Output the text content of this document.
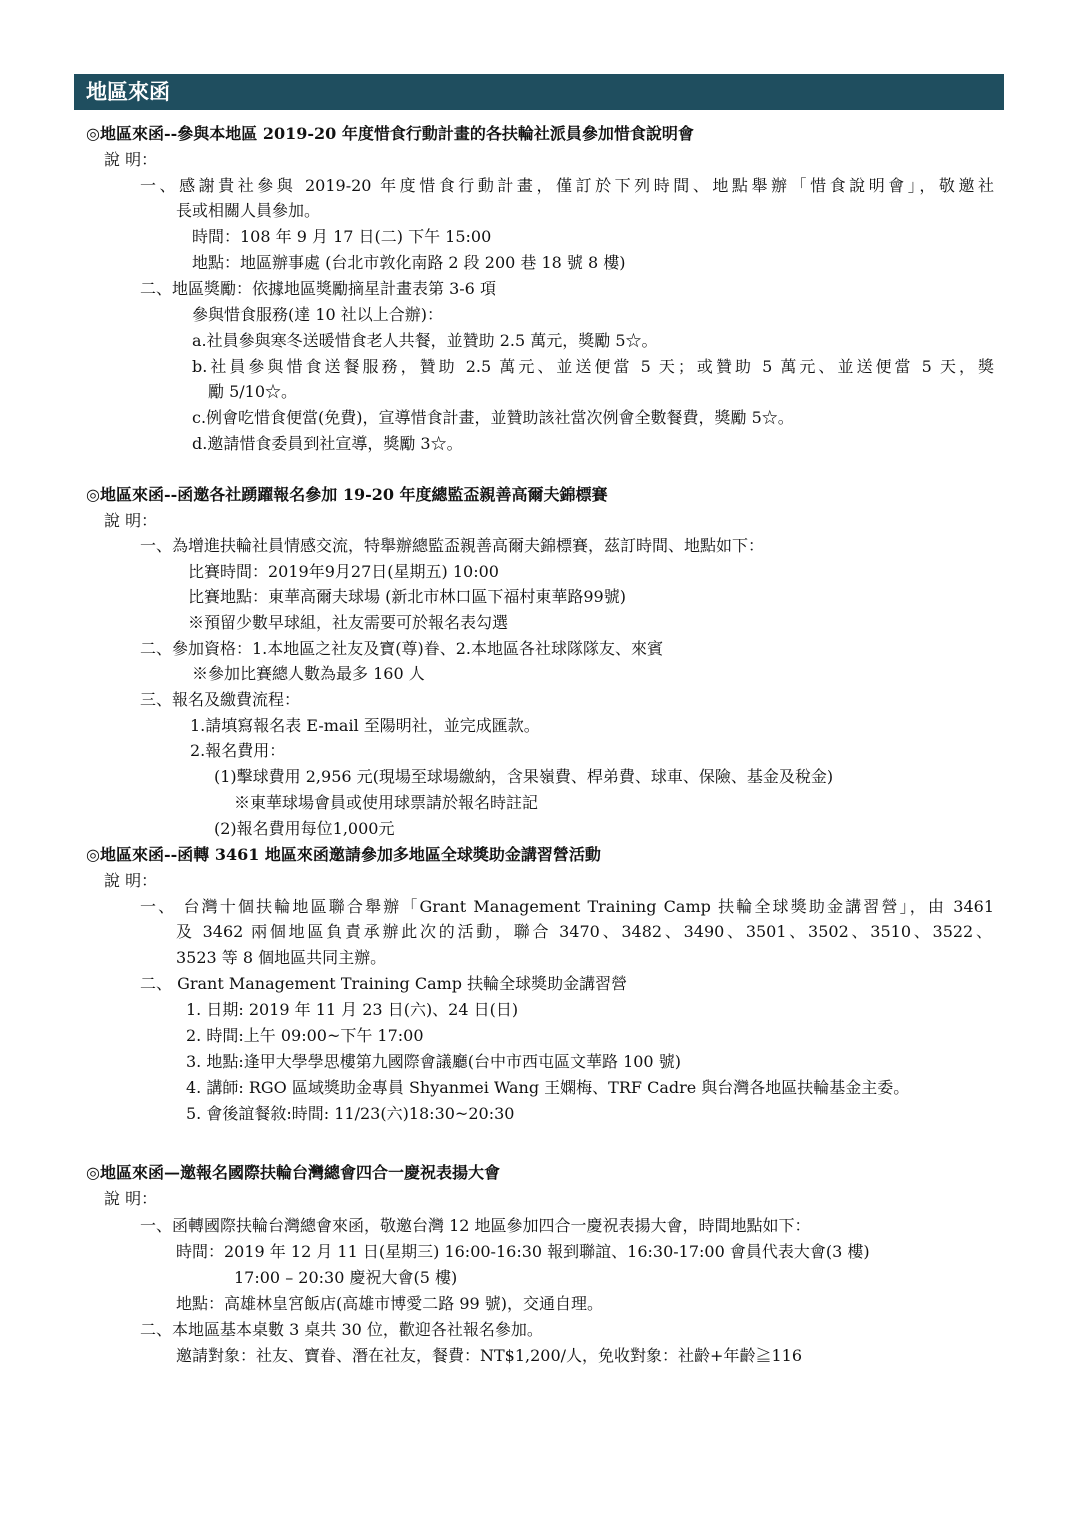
地區來函
◎地區來函--參與本地區 2019-20 年度惜食行動計畫的各扶輪社派員參加惜食說明會
說 明：
一、感謝貴社參與 2019-20 年度惜食行動計畫，僅訂於下列時間、地點舉辦「惜食說明會」，敬邀社
長或相關人員參加。
時間：108 年 9 月 17 日(二) 下午 15:00
地點：地區辦事處 (台北市敦化南路 2 段 200 巷 18 號 8 樓)
二、地區獎勵：依據地區獎勵摘星計畫表第 3-6 項
參與惜食服務(達 10 社以上合辦)：
a.社員參與寒冬送暖惜食老人共餐，並贊助 2.5 萬元，獎勵 5☆。
b.社員參與惜食送餐服務，贊助 2.5 萬元、並送便當 5 天；或贊助 5 萬元、並送便當 5 天，獎
勵 5/10☆。
c.例會吃惜食便當(免費)，宣導惜食計畫，並贊助該社當次例會全數餐費，獎勵 5☆。
d.邀請惜食委員到社宣導，獎勵 3☆。
◎地區來函--函邀各社踴躍報名參加 19-20 年度總監盃親善高爾夫錦標賽
說 明：
一、為增進扶輪社員情感交流，特舉辦總監盃親善高爾夫錦標賽，茲訂時間、地點如下：
比賽時間：2019年9月27日(星期五) 10:00
比賽地點：東華高爾夫球場 (新北市林口區下福村東華路99號)
※預留少數早球組，社友需要可於報名表勾選
二、參加資格：1.本地區之社友及寶(尊)眷、2.本地區各社球隊隊友、來賓
※參加比賽總人數為最多 160 人
三、報名及繳費流程：
1.請填寫報名表 E-mail 至陽明社，並完成匯款。
2.報名費用：
(1)擊球費用 2,956 元(現場至球場繳納，含果嶺費、桿弟費、球車、保險、基金及稅金)
※東華球場會員或使用球票請於報名時註記
(2)報名費用每位1,000元
◎地區來函--函轉 3461 地區來函邀請參加多地區全球獎助金講習營活動
說 明：
一、 台灣十個扶輪地區聯合舉辦「Grant Management Training Camp 扶輪全球獎助金講習營」，由 3461
及 3462 兩個地區負責承辦此次的活動，聯合 3470、3482、3490、3501、3502、3510、3522、
3523 等 8 個地區共同主辦。
二、 Grant Management Training Camp 扶輪全球獎助金講習營
1. 日期: 2019 年 11 月 23 日(六)、24 日(日)
2. 時間:上午 09:00~下午 17:00
3. 地點:逢甲大學學思樓第九國際會議廳(台中市西屯區文華路 100 號)
4. 講師: RGO 區域獎助金專員 Shyanmei Wang 王嫻梅、TRF Cadre 與台灣各地區扶輪基金主委。
5. 會後誼餐敘:時間: 11/23(六)18:30~20:30
◎地區來函—邀報名國際扶輪台灣總會四合一慶祝表揚大會
說 明：
一、函轉國際扶輪台灣總會來函，敬邀台灣 12 地區參加四合一慶祝表揚大會，時間地點如下：
時間：2019 年 12 月 11 日(星期三) 16:00-16:30 報到聯誼、16:30-17:00 會員代表大會(3 樓)
17:00 – 20:30 慶祝大會(5 樓)
地點：高雄林皇宮飯店(高雄市博愛二路 99 號)，交通自理。
二、本地區基本桌數 3 桌共 30 位，歡迎各社報名參加。
邀請對象：社友、寶眷、潛在社友，餐費：NT$1,200/人，免收對象：社齡+年齡≧116
